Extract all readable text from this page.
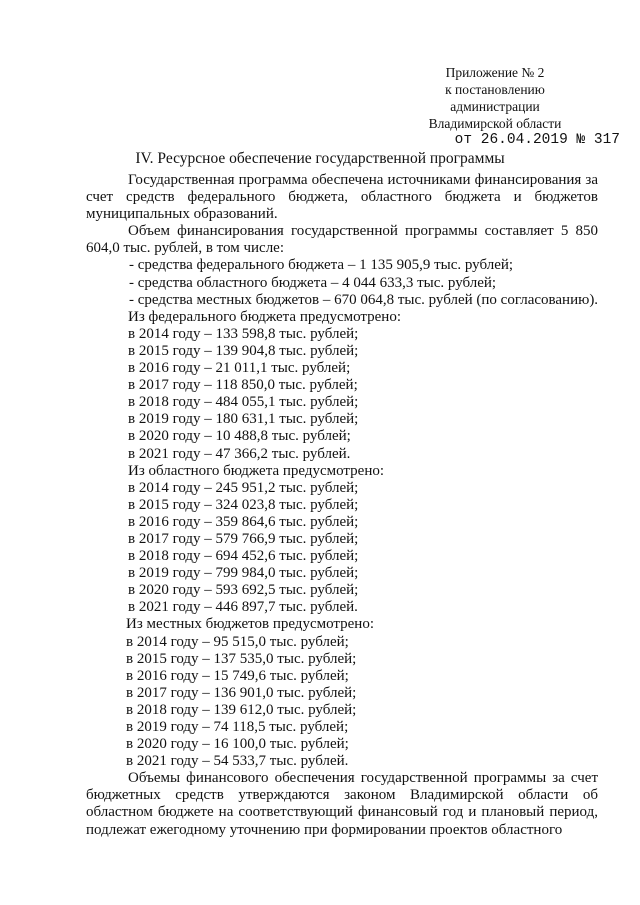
Приложение № 2
к постановлению администрации
Владимирской области
от 26.04.2019 № 317
IV. Ресурсное обеспечение государственной программы

Государственная программа обеспечена источниками финансирования за счет средств федерального бюджета, областного бюджета и бюджетов муниципальных образований.

Объем финансирования государственной программы составляет 5 850 604,0 тыс. рублей, в том числе:

- средства федерального бюджета – 1 135 905,9 тыс. рублей;

- средства областного бюджета – 4 044 633,3 тыс. рублей;

- средства местных бюджетов – 670 064,8 тыс. рублей (по согласованию).

Из федерального бюджета предусмотрено:

в 2014 году – 133 598,8 тыс. рублей;

в 2015 году – 139 904,8 тыс. рублей;

в 2016 году – 21 011,1 тыс. рублей;

в 2017 году – 118 850,0 тыс. рублей;

в 2018 году – 484 055,1 тыс. рублей;

в 2019 году – 180 631,1 тыс. рублей;

в 2020 году – 10 488,8 тыс. рублей;

в 2021 году – 47 366,2 тыс. рублей.

Из областного бюджета предусмотрено:

в 2014 году – 245 951,2 тыс. рублей;

в 2015 году – 324 023,8 тыс. рублей;

в 2016 году – 359 864,6 тыс. рублей;

в 2017 году – 579 766,9 тыс. рублей;

в 2018 году – 694 452,6 тыс. рублей;

в 2019 году – 799 984,0 тыс. рублей;

в 2020 году – 593 692,5 тыс. рублей;

в 2021 году – 446 897,7 тыс. рублей.

Из местных бюджетов предусмотрено:

в 2014 году – 95 515,0 тыс. рублей;

в 2015 году – 137 535,0 тыс. рублей;

в 2016 году – 15 749,6 тыс. рублей;

в 2017 году – 136 901,0 тыс. рублей;

в 2018 году – 139 612,0 тыс. рублей;

в 2019 году – 74 118,5 тыс. рублей;

в 2020 году – 16 100,0 тыс. рублей;

в 2021 году – 54 533,7 тыс. рублей.

Объемы финансового обеспечения государственной программы за счет бюджетных средств утверждаются законом Владимирской области об областном бюджете на соответствующий финансовый год и плановый период, подлежат ежегодному уточнению при формировании проектов областного
